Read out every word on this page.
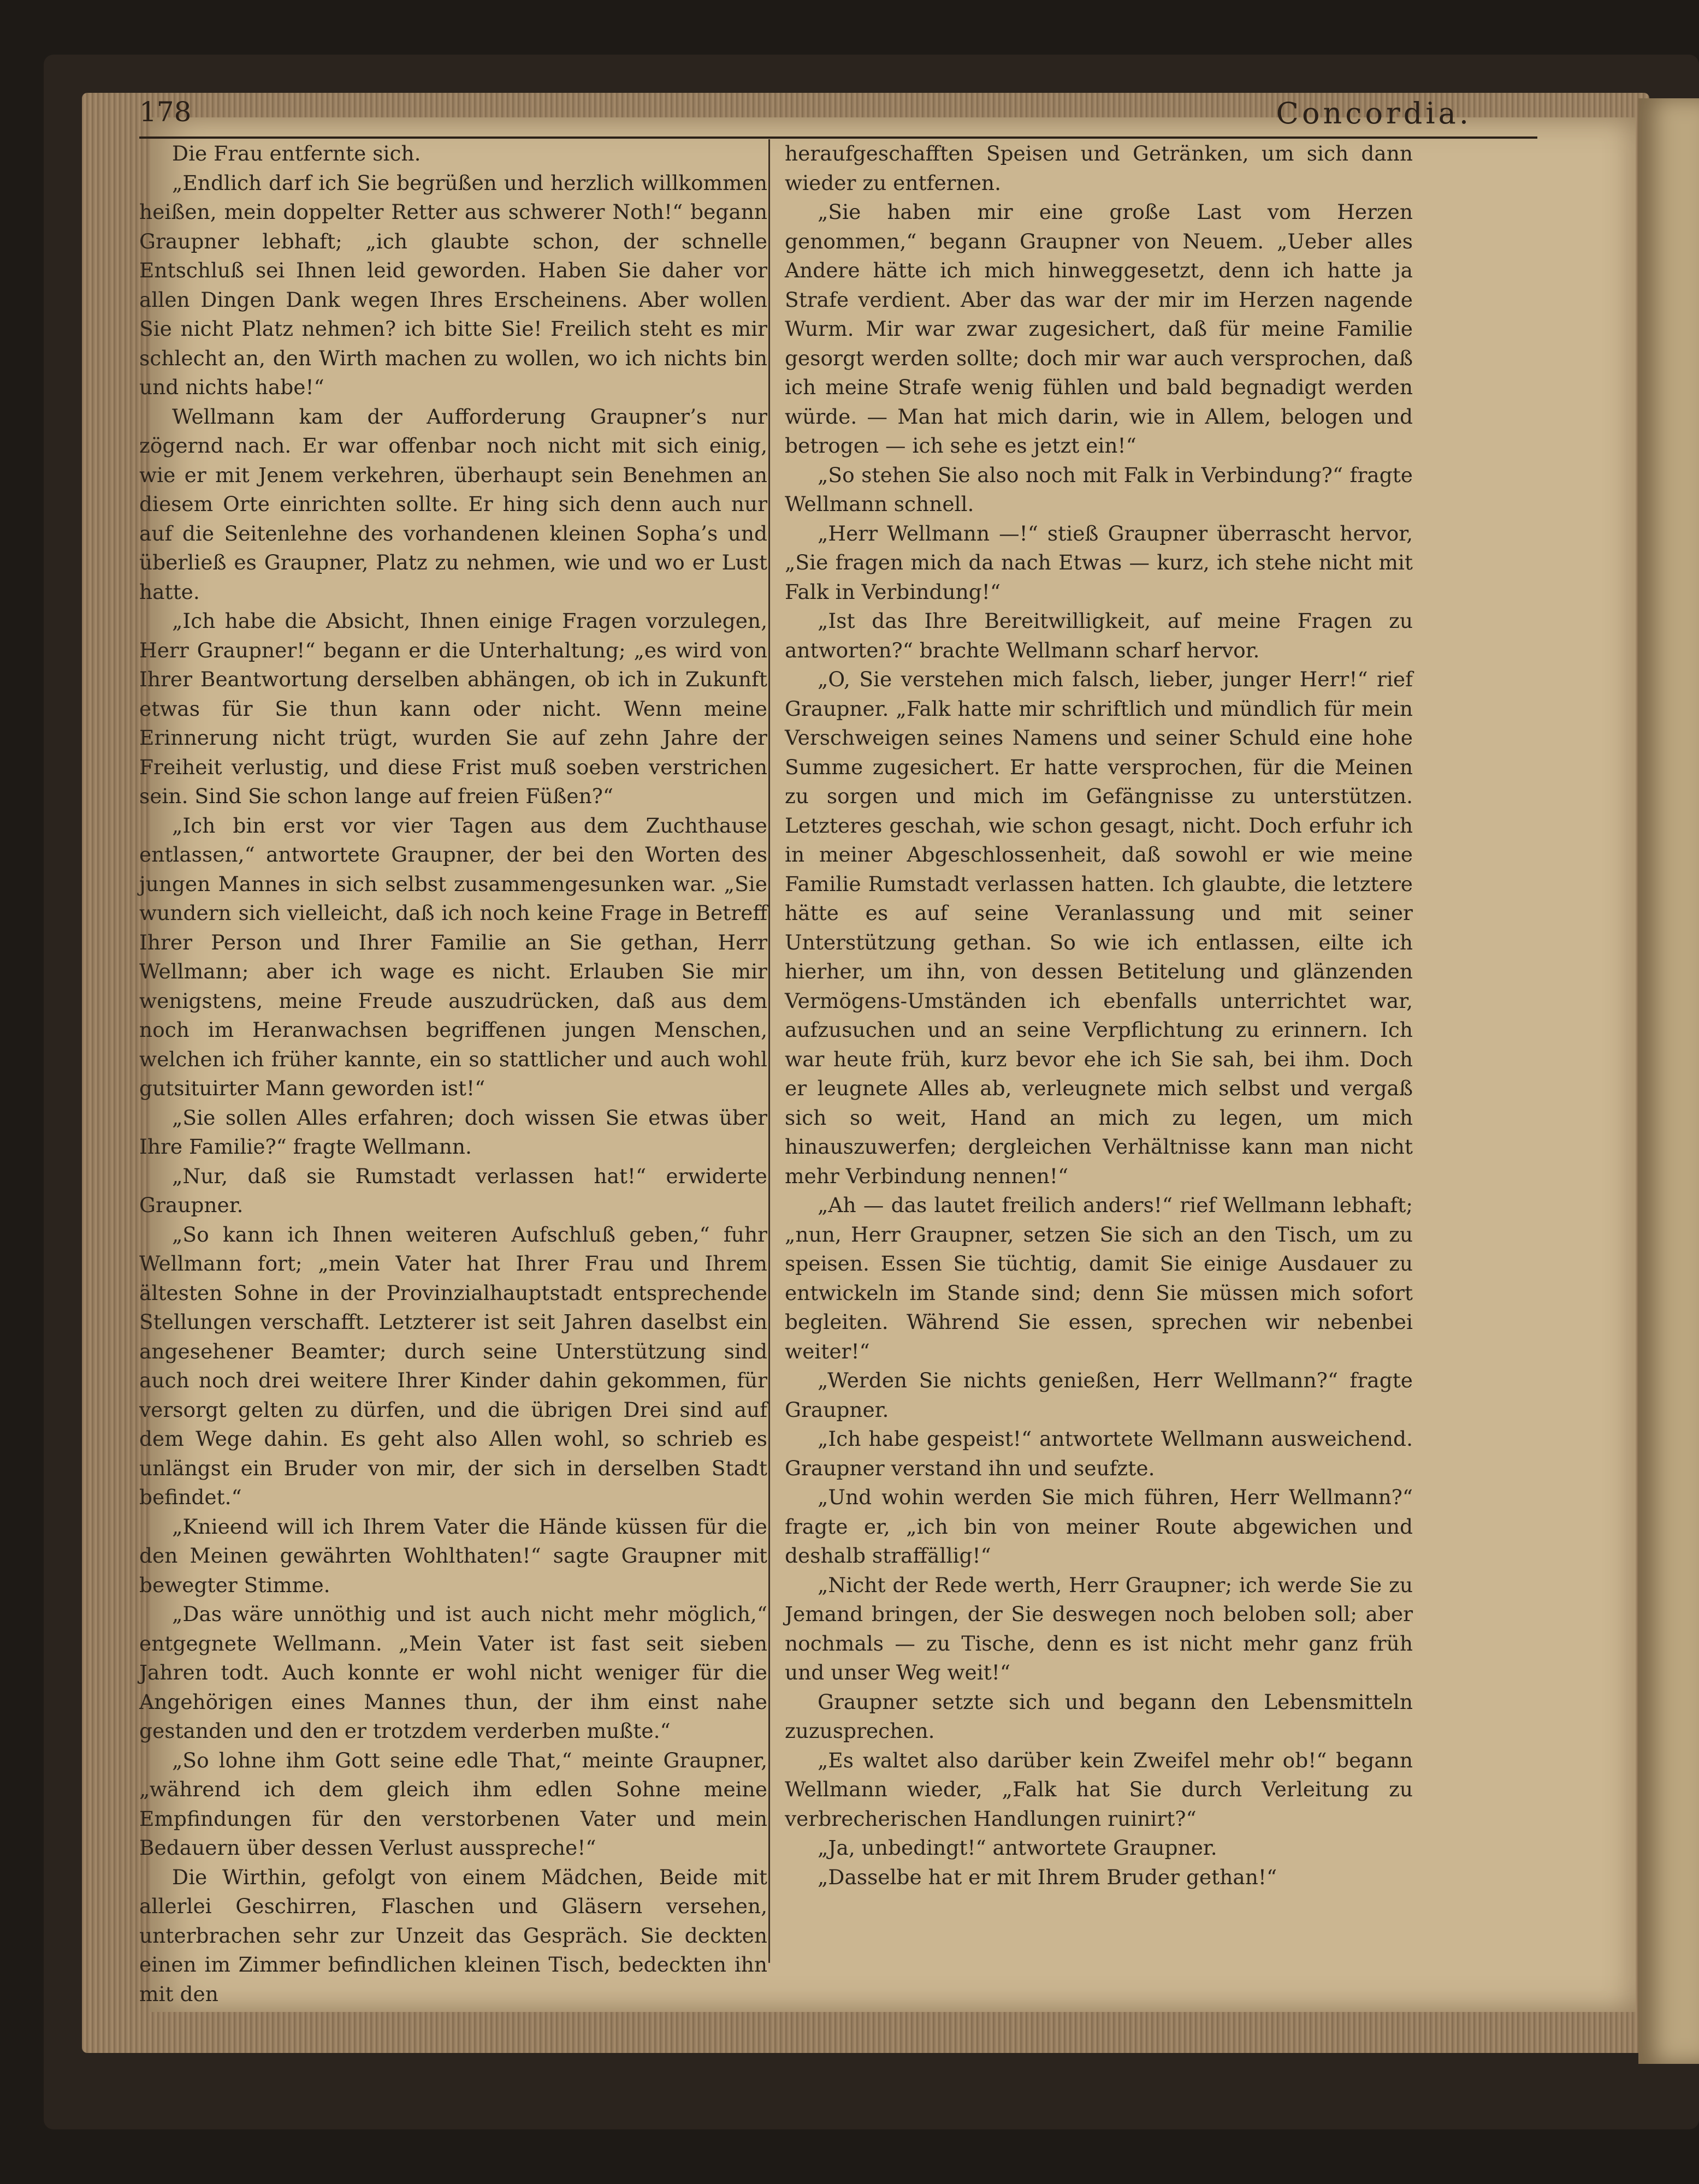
178	Concordia.

Die Frau entfernte sich.

„Endlich darf ich Sie begrüßen und herzlich willkommen heißen, mein doppelter Retter aus schwerer Noth!“ begann Graupner lebhaft; „ich glaubte schon, der schnelle Entschluß sei Ihnen leid geworden. Haben Sie daher vor allen Dingen Dank wegen Ihres Erscheinens. Aber wollen Sie nicht Platz nehmen? ich bitte Sie! Freilich steht es mir schlecht an, den Wirth machen zu wollen, wo ich nichts bin und nichts habe!“

Wellmann kam der Aufforderung Graupner’s nur zögernd nach. Er war offenbar noch nicht mit sich einig, wie er mit Jenem verkehren, überhaupt sein Benehmen an diesem Orte einrichten sollte. Er hing sich denn auch nur auf die Seitenlehne des vorhandenen kleinen Sopha’s und überließ es Graupner, Platz zu nehmen, wie und wo er Lust hatte.

„Ich habe die Absicht, Ihnen einige Fragen vorzulegen, Herr Graupner!“ begann er die Unterhaltung; „es wird von Ihrer Beantwortung derselben abhängen, ob ich in Zukunft etwas für Sie thun kann oder nicht. Wenn meine Erinnerung nicht trügt, wurden Sie auf zehn Jahre der Freiheit verlustig, und diese Frist muß soeben verstrichen sein. Sind Sie schon lange auf freien Füßen?“

„Ich bin erst vor vier Tagen aus dem Zuchthause entlassen,“ antwortete Graupner, der bei den Worten des jungen Mannes in sich selbst zusammengesunken war. „Sie wundern sich vielleicht, daß ich noch keine Frage in Betreff Ihrer Person und Ihrer Familie an Sie gethan, Herr Wellmann; aber ich wage es nicht. Erlauben Sie mir wenigstens, meine Freude auszudrücken, daß aus dem noch im Heranwachsen begriffenen jungen Menschen, welchen ich früher kannte, ein so stattlicher und auch wohl gutsituirter Mann geworden ist!“

„Sie sollen Alles erfahren; doch wissen Sie etwas über Ihre Familie?“ fragte Wellmann.

„Nur, daß sie Rumstadt verlassen hat!“ erwiderte Graupner.

„So kann ich Ihnen weiteren Aufschluß geben,“ fuhr Wellmann fort; „mein Vater hat Ihrer Frau und Ihrem ältesten Sohne in der Provinzialhauptstadt entsprechende Stellungen verschafft. Letzterer ist seit Jahren daselbst ein angesehener Beamter; durch seine Unterstützung sind auch noch drei weitere Ihrer Kinder dahin gekommen, für versorgt gelten zu dürfen, und die übrigen Drei sind auf dem Wege dahin. Es geht also Allen wohl, so schrieb es unlängst ein Bruder von mir, der sich in derselben Stadt befindet.“

„Knieend will ich Ihrem Vater die Hände küssen für die den Meinen gewährten Wohlthaten!“ sagte Graupner mit bewegter Stimme.

„Das wäre unnöthig und ist auch nicht mehr möglich,“ entgegnete Wellmann. „Mein Vater ist fast seit sieben Jahren todt. Auch konnte er wohl nicht weniger für die Angehörigen eines Mannes thun, der ihm einst nahe gestanden und den er trotzdem verderben mußte.“

„So lohne ihm Gott seine edle That,“ meinte Graupner, „während ich dem gleich ihm edlen Sohne meine Empfindungen für den verstorbenen Vater und mein Bedauern über dessen Verlust ausspreche!“

Die Wirthin, gefolgt von einem Mädchen, Beide mit allerlei Geschirren, Flaschen und Gläsern versehen, unterbrachen sehr zur Unzeit das Gespräch. Sie deckten einen im Zimmer befindlichen kleinen Tisch, bedeckten ihn mit den

heraufgeschafften Speisen und Getränken, um sich dann wieder zu entfernen.

„Sie haben mir eine große Last vom Herzen genommen,“ begann Graupner von Neuem. „Ueber alles Andere hätte ich mich hinweggesetzt, denn ich hatte ja Strafe verdient. Aber das war der mir im Herzen nagende Wurm. Mir war zwar zugesichert, daß für meine Familie gesorgt werden sollte; doch mir war auch versprochen, daß ich meine Strafe wenig fühlen und bald begnadigt werden würde. — Man hat mich darin, wie in Allem, belogen und betrogen — ich sehe es jetzt ein!“

„So stehen Sie also noch mit Falk in Verbindung?“ fragte Wellmann schnell.

„Herr Wellmann —!“ stieß Graupner überrascht hervor, „Sie fragen mich da nach Etwas — kurz, ich stehe nicht mit Falk in Verbindung!“

„Ist das Ihre Bereitwilligkeit, auf meine Fragen zu antworten?“ brachte Wellmann scharf hervor.

„O, Sie verstehen mich falsch, lieber, junger Herr!“ rief Graupner. „Falk hatte mir schriftlich und mündlich für mein Verschweigen seines Namens und seiner Schuld eine hohe Summe zugesichert. Er hatte versprochen, für die Meinen zu sorgen und mich im Gefängnisse zu unterstützen. Letzteres geschah, wie schon gesagt, nicht. Doch erfuhr ich in meiner Abgeschlossenheit, daß sowohl er wie meine Familie Rumstadt verlassen hatten. Ich glaubte, die letztere hätte es auf seine Veranlassung und mit seiner Unterstützung gethan. So wie ich entlassen, eilte ich hierher, um ihn, von dessen Betitelung und glänzenden Vermögens-Umständen ich ebenfalls unterrichtet war, aufzusuchen und an seine Verpflichtung zu erinnern. Ich war heute früh, kurz bevor ehe ich Sie sah, bei ihm. Doch er leugnete Alles ab, verleugnete mich selbst und vergaß sich so weit, Hand an mich zu legen, um mich hinauszuwerfen; dergleichen Verhältnisse kann man nicht mehr Verbindung nennen!“

„Ah — das lautet freilich anders!“ rief Wellmann lebhaft; „nun, Herr Graupner, setzen Sie sich an den Tisch, um zu speisen. Essen Sie tüchtig, damit Sie einige Ausdauer zu entwickeln im Stande sind; denn Sie müssen mich sofort begleiten. Während Sie essen, sprechen wir nebenbei weiter!“

„Werden Sie nichts genießen, Herr Wellmann?“ fragte Graupner.

„Ich habe gespeist!“ antwortete Wellmann ausweichend. Graupner verstand ihn und seufzte.

„Und wohin werden Sie mich führen, Herr Wellmann?“ fragte er, „ich bin von meiner Route abgewichen und deshalb straffällig!“

„Nicht der Rede werth, Herr Graupner; ich werde Sie zu Jemand bringen, der Sie deswegen noch beloben soll; aber nochmals — zu Tische, denn es ist nicht mehr ganz früh und unser Weg weit!“

Graupner setzte sich und begann den Lebensmitteln zuzusprechen.

„Es waltet also darüber kein Zweifel mehr ob!“ begann Wellmann wieder, „Falk hat Sie durch Verleitung zu verbrecherischen Handlungen ruinirt?“

„Ja, unbedingt!“ antwortete Graupner.

„Dasselbe hat er mit Ihrem Bruder gethan!“
